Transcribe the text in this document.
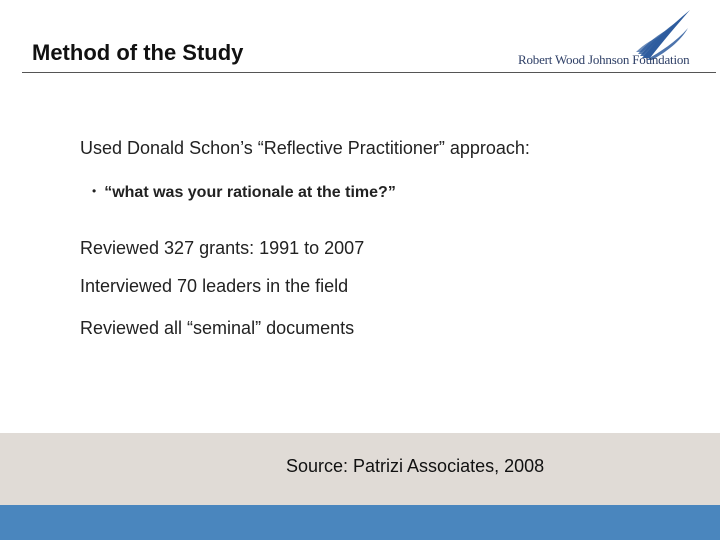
Method of the Study	Robert Wood Johnson Foundation
Used Donald Schon’s “Reflective Practitioner” approach:
• “what was your rationale at the time?”
Reviewed 327 grants: 1991 to 2007
Interviewed 70 leaders in the field
Reviewed all “seminal” documents
Source: Patrizi Associates, 2008
